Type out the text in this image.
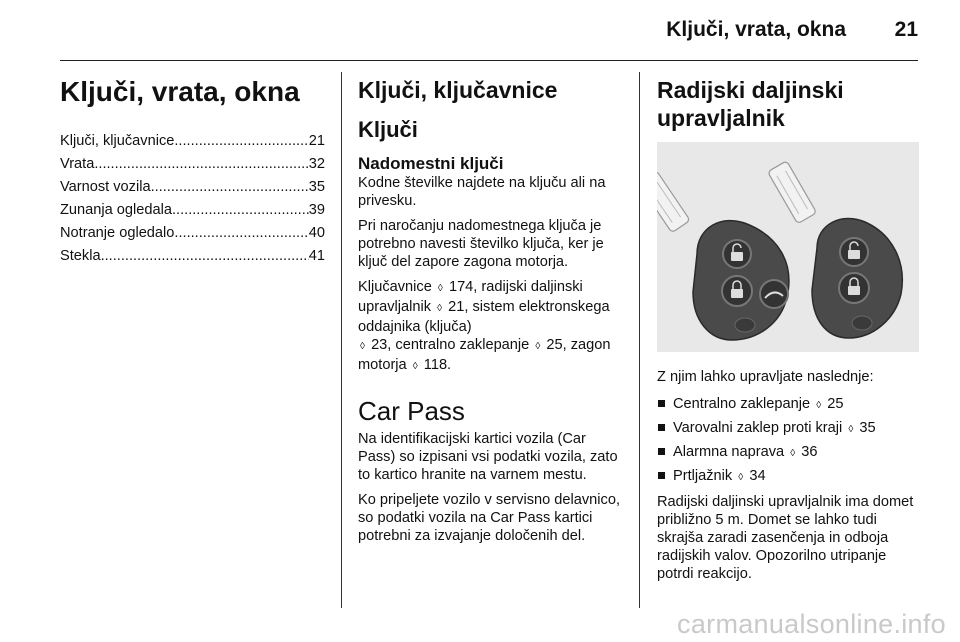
Ključi, vrata, okna 21
Ključi, vrata, okna
Ključi, ključavnice .....	21
Vrata .....	32
Varnost vozila .....	35
Zunanja ogledala .....	39
Notranje ogledalo .....	40
Stekla .....	41
Ključi, ključavnice
Ključi
Nadomestni ključi

Kodne številke najdete na ključu ali na privesku.

Pri naročanju nadomestnega ključa je potrebno navesti številko ključa, ker je ključ del zapore zagona motorja.

Ključavnice ◊ 174, radijski daljinski upravljalnik ◊ 21, sistem elektronskega oddajnika (ključa)
◊ 23, centralno zaklepanje ◊ 25, zagon motorja ◊ 118.

Car Pass

Na identifikacijski kartici vozila (Car Pass) so izpisani vsi podatki vozila, zato to kartico hranite na varnem mestu.

Ko pripeljete vozilo v servisno delavnico, so podatki vozila na Car Pass kartici potrebni za izvajanje določenih del.

Radijski daljinski
upravljalnik

Z njim lahko upravljate naslednje:

Centralno zaklepanje ◊ 25
Varovalni zaklep proti kraji ◊ 35
Alarmna naprava ◊ 36
Prtljažnik ◊ 34

Radijski daljinski upravljalnik ima domet približno 5 m. Domet se lahko tudi skrajša zaradi zasenčenja in odboja radijskih valov. Opozorilno utripanje potrdi reakcijo.

carmanualsonline.info
